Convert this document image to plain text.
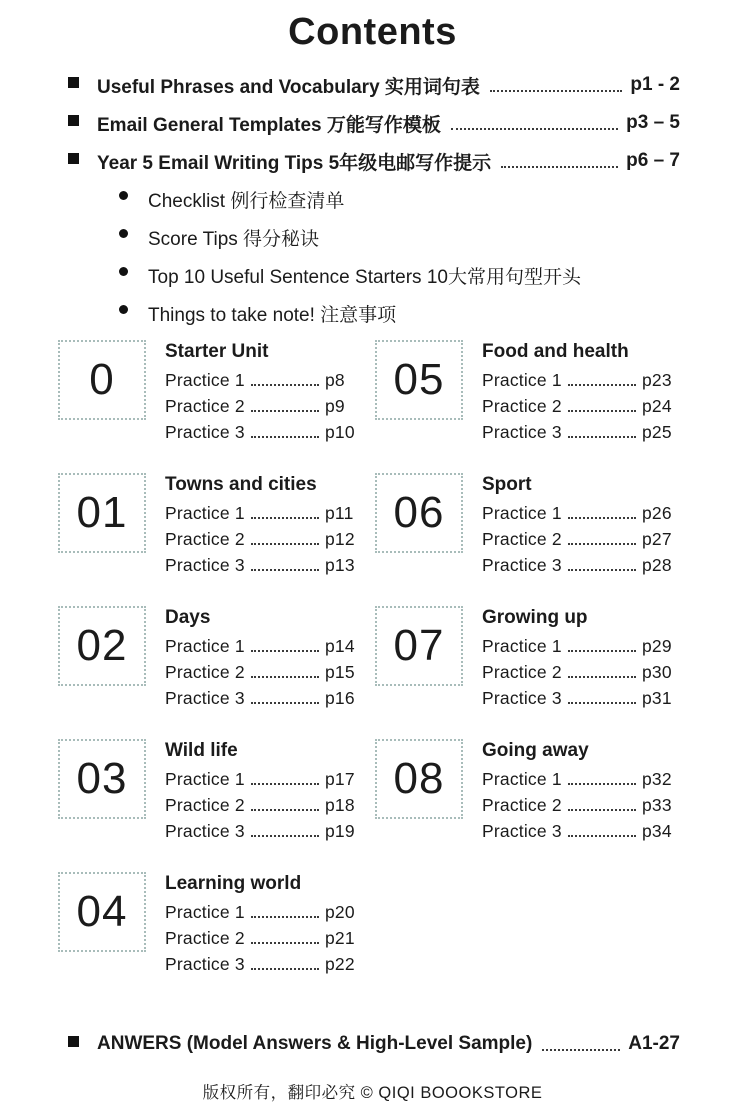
Contents
Useful Phrases and Vocabulary 实用词句表	p1 - 2
Email General Templates 万能写作模板	p3 – 5
Year 5 Email Writing Tips 5年级电邮写作提示	p6 – 7
Checklist 例行检查清单
Score Tips 得分秘诀
Top 10 Useful Sentence Starters 10大常用句型开头
Things to take note! 注意事项
0
Starter Unit
Practice 1	p8
Practice 2	p9
Practice 3	p10
01
Towns and cities
Practice 1	p11
Practice 2	p12
Practice 3	p13
02
Days
Practice 1	p14
Practice 2	p15
Practice 3	p16
03
Wild life
Practice 1	p17
Practice 2	p18
Practice 3	p19
04
Learning world
Practice 1	p20
Practice 2	p21
Practice 3	p22
05
Food and health
Practice 1	p23
Practice 2	p24
Practice 3	p25
06
Sport
Practice 1	p26
Practice 2	p27
Practice 3	p28
07
Growing up
Practice 1	p29
Practice 2	p30
Practice 3	p31
08
Going away
Practice 1	p32
Practice 2	p33
Practice 3	p34
ANWERS (Model Answers & High-Level Sample)	A1-27
版权所有，翻印必究 © QIQI BOOOKSTORE
